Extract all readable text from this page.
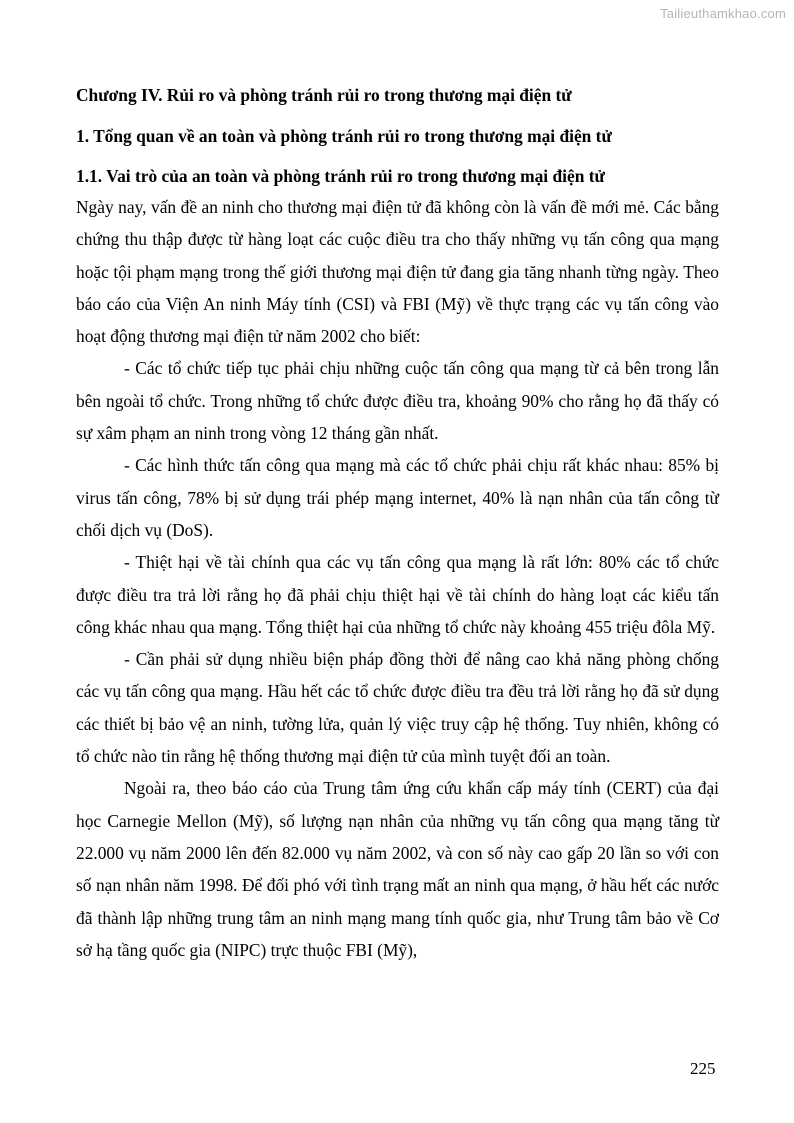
Tailieuthamkhao.com
Chương IV. Rủi ro và phòng tránh rủi ro trong thương mại điện tử
1. Tổng quan về an toàn và phòng tránh rủi ro trong thương mại điện tử
1.1. Vai trò của an toàn và phòng tránh rủi ro trong thương mại điện tử

Ngày nay, vấn đề an ninh cho thương mại điện tử đã không còn là vấn đề mới mẻ. Các bằng chứng thu thập được từ hàng loạt các cuộc điều tra cho thấy những vụ tấn công qua mạng hoặc tội phạm mạng trong thế giới thương mại điện tử đang gia tăng nhanh từng ngày. Theo báo cáo của Viện An ninh Máy tính (CSI) và FBI (Mỹ) về thực trạng các vụ tấn công vào hoạt động thương mại điện tử năm 2002 cho biết:

- Các tổ chức tiếp tục phải chịu những cuộc tấn công qua mạng từ cả bên trong lẫn bên ngoài tổ chức. Trong những tổ chức được điều tra, khoảng 90% cho rằng họ đã thấy có sự xâm phạm an ninh trong vòng 12 tháng gần nhất.

- Các hình thức tấn công qua mạng mà các tổ chức phải chịu rất khác nhau: 85% bị virus tấn công, 78% bị sử dụng trái phép mạng internet, 40% là nạn nhân của tấn công từ chối dịch vụ (DoS).

- Thiệt hại về tài chính qua các vụ tấn công qua mạng là rất lớn: 80% các tổ chức được điều tra trả lời rằng họ đã phải chịu thiệt hại về tài chính do hàng loạt các kiểu tấn công khác nhau qua mạng. Tổng thiệt hại của những tổ chức này khoảng 455 triệu đôla Mỹ.

- Cần phải sử dụng nhiều biện pháp đồng thời để nâng cao khả năng phòng chống các vụ tấn công qua mạng. Hầu hết các tổ chức được điều tra đều trả lời rằng họ đã sử dụng các thiết bị bảo vệ an ninh, tường lửa, quản lý việc truy cập hệ thống. Tuy nhiên, không có tổ chức nào tin rằng hệ thống thương mại điện tử của mình tuyệt đối an toàn.

Ngoài ra, theo báo cáo của Trung tâm ứng cứu khẩn cấp máy tính (CERT) của đại học Carnegie Mellon (Mỹ), số lượng nạn nhân của những vụ tấn công qua mạng tăng từ 22.000 vụ năm 2000 lên đến 82.000 vụ năm 2002, và con số này cao gấp 20 lần so với con số nạn nhân năm 1998. Để đối phó với tình trạng mất an ninh qua mạng, ở hầu hết các nước đã thành lập những trung tâm an ninh mạng mang tính quốc gia, như Trung tâm bảo về Cơ sở hạ tầng quốc gia (NIPC) trực thuộc FBI (Mỹ),

225
